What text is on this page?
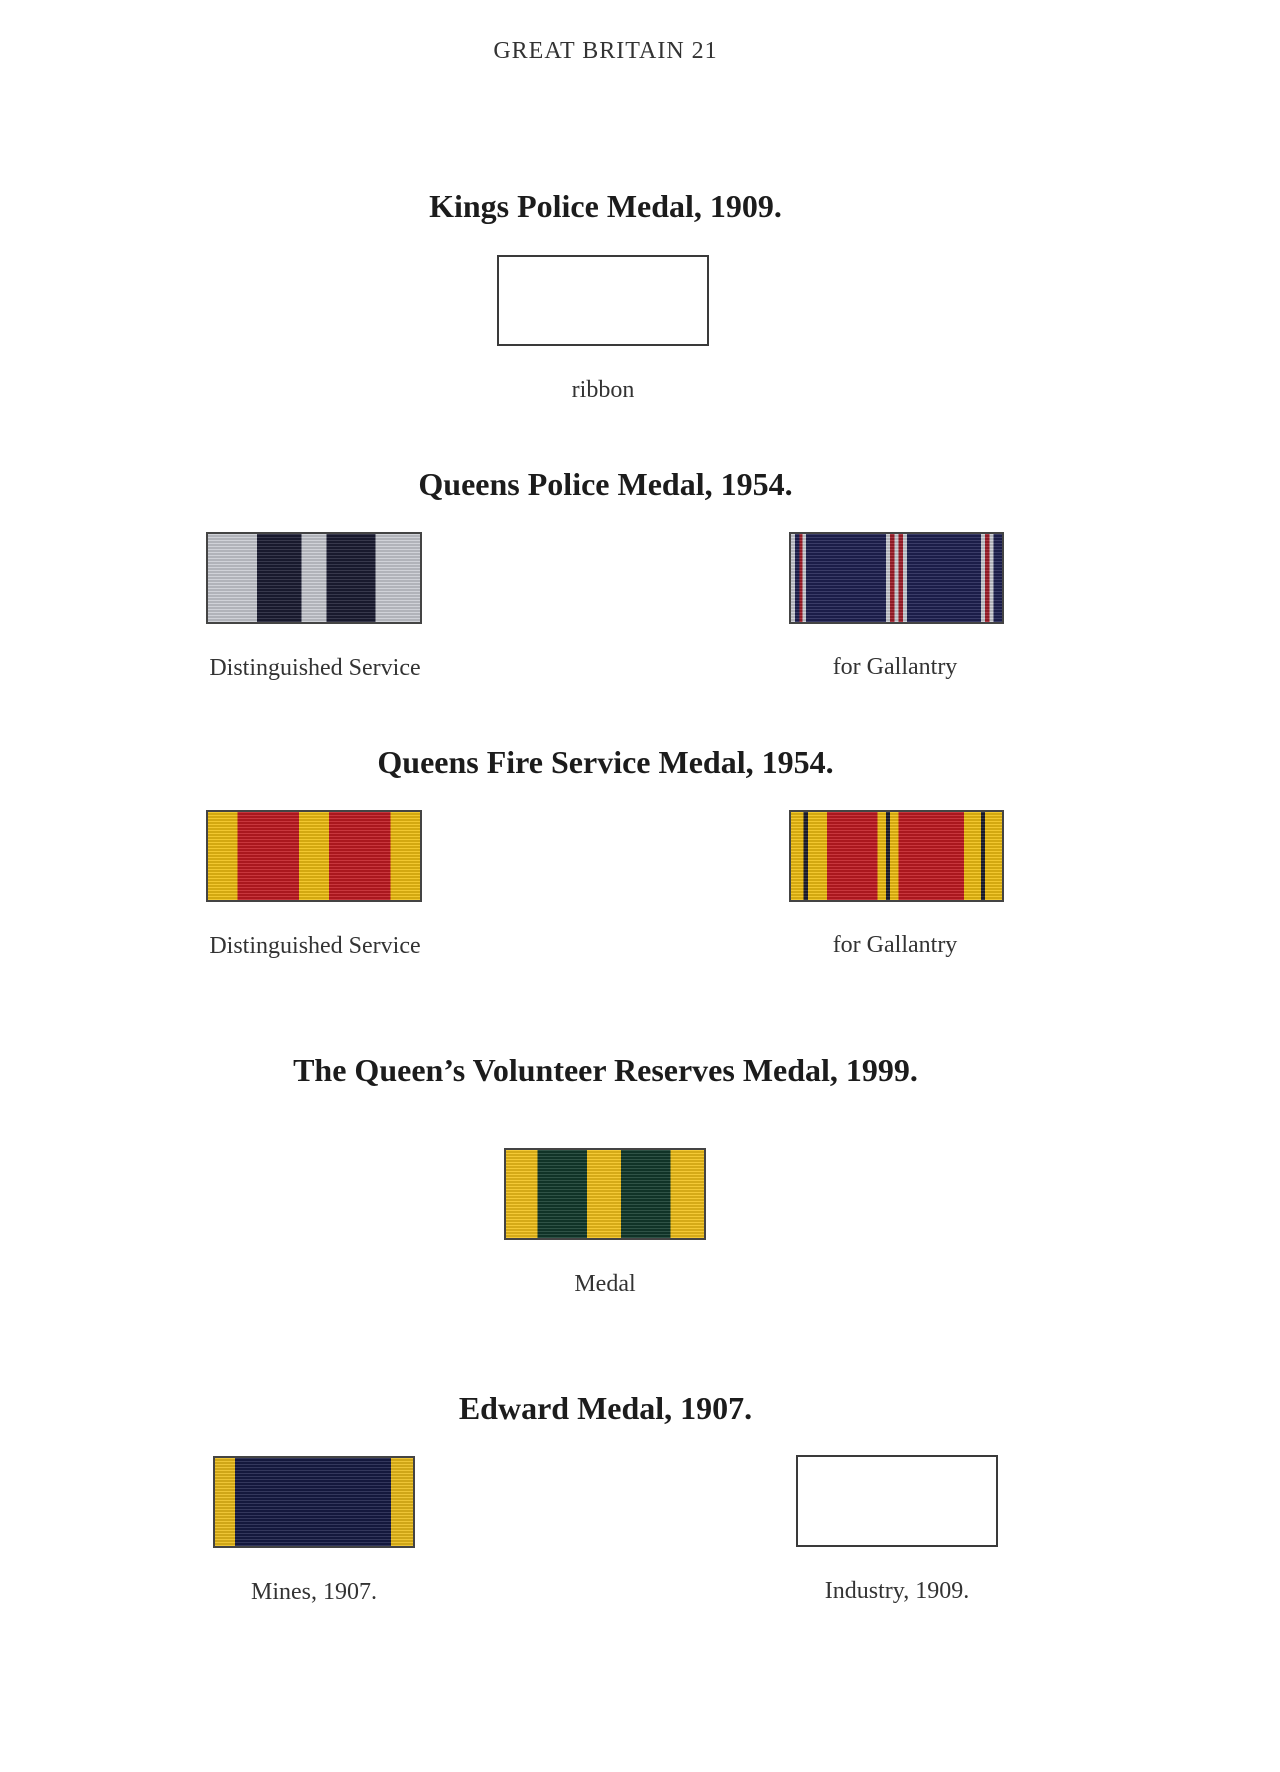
GREAT BRITAIN 21
Kings Police Medal, 1909.
ribbon
Queens Police Medal, 1954.
Distinguished Service	for Gallantry
Queens Fire Service Medal, 1954.
Distinguished Service	for Gallantry
The Queen’s Volunteer Reserves Medal, 1999.
Medal
Edward Medal, 1907.
Mines, 1907.	Industry, 1909.
